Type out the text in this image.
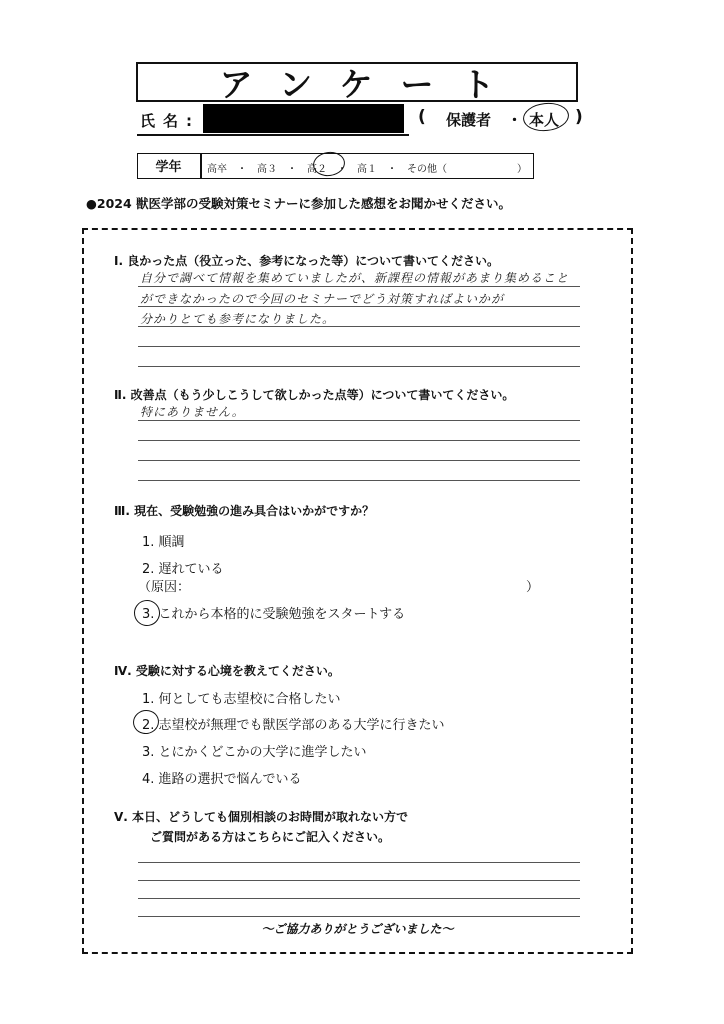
アンケート
氏名:	( 保護者 ・ 本人 )
学年	高卒　・　高３　・　高２　・　高１　・　その他（　　　　　　　）
●2024 獣医学部の受験対策セミナーに参加した感想をお聞かせください。
Ⅰ. 良かった点（役立った、参考になった等）について書いてください。
自分で調べて情報を集めていましたが、新課程の情報があまり集めること
ができなかったので今回のセミナーでどう対策すればよいかが
分かりとても参考になりました。
Ⅱ. 改善点（もう少しこうして欲しかった点等）について書いてください。
特にありません。
Ⅲ. 現在、受験勉強の進み具合はいかがですか？
1. 順調
2. 遅れている
（原因：	）
3. これから本格的に受験勉強をスタートする
Ⅳ. 受験に対する心境を教えてください。
1. 何としても志望校に合格したい
2. 志望校が無理でも獣医学部のある大学に行きたい
3. とにかくどこかの大学に進学したい
4. 進路の選択で悩んでいる
Ⅴ. 本日、どうしても個別相談のお時間が取れない方で
ご質問がある方はこちらにご記入ください。
～ご協力ありがとうございました～
